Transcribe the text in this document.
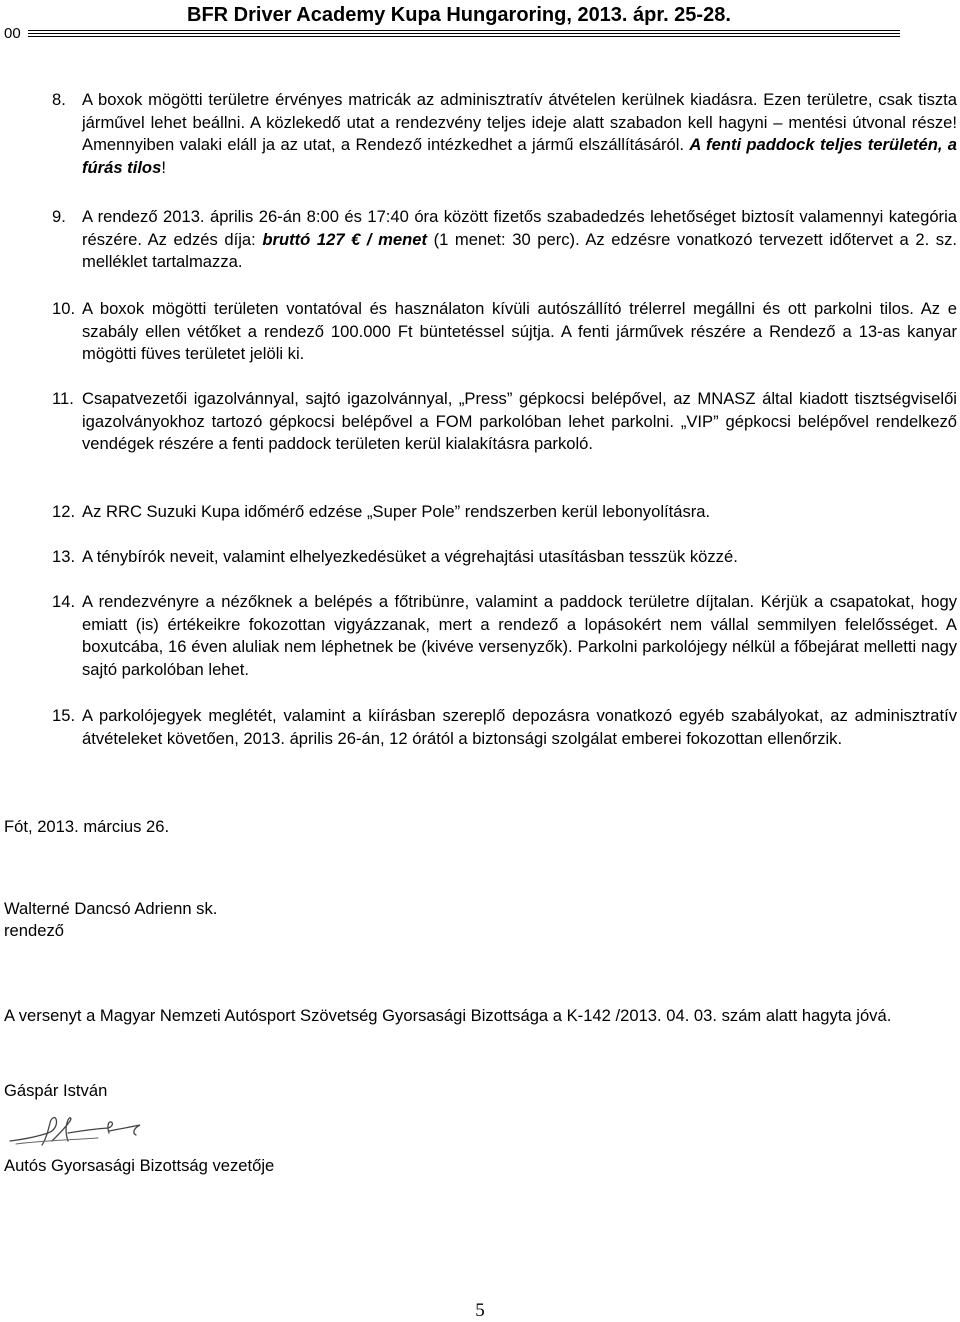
00
BFR Driver Academy Kupa Hungaroring, 2013. ápr. 25-28.
8. A boxok mögötti területre érvényes matricák az adminisztratív átvételen kerülnek kiadásra. Ezen területre, csak tiszta járművel lehet beállni. A közlekedő utat a rendezvény teljes ideje alatt szabadon kell hagyni – mentési útvonal része! Amennyiben valaki eláll ja az utat, a Rendező intézkedhet a jármű elszállításáról. A fenti paddock teljes területén, a fúrás tilos!
9. A rendező 2013. április 26-án 8:00 és 17:40 óra között fizetős szabadedzés lehetőséget biztosít valamennyi kategória részére. Az edzés díja: bruttó 127 € / menet (1 menet: 30 perc). Az edzésre vonatkozó tervezett időtervet a 2. sz. melléklet tartalmazza.
10. A boxok mögötti területen vontatóval és használaton kívüli autószállító trélerrel megállni és ott parkolni tilos. Az e szabály ellen vétőket a rendező 100.000 Ft büntetéssel sújtja. A fenti járművek részére a Rendező a 13-as kanyar mögötti füves területet jelöli ki.
11. Csapatvezetői igazolvánnyal, sajtó igazolvánnyal, „Press” gépkocsi belépővel, az MNASZ által kiadott tisztségviselői igazolványokhoz tartozó gépkocsi belépővel a FOM parkolóban lehet parkolni. „VIP” gépkocsi belépővel rendelkező vendégek részére a fenti paddock területen kerül kialakításra parkoló.
12. Az RRC Suzuki Kupa időmérő edzése „Super Pole” rendszerben kerül lebonyolításra.
13. A ténybírók neveit, valamint elhelyezkedésüket a végrehajtási utasításban tesszük közzé.
14. A rendezvényre a nézőknek a belépés a főtribünre, valamint a paddock területre díjtalan. Kérjük a csapatokat, hogy emiatt (is) értékeikre fokozottan vigyázzanak, mert a rendező a lopásokért nem vállal semmilyen felelősséget. A boxutcába, 16 éven aluliak nem léphetnek be (kivéve versenyzők). Parkolni parkolójegy nélkül a főbejárat melletti nagy sajtó parkolóban lehet.
15. A parkolójegyek meglétét, valamint a kiírásban szereplő depozásra vonatkozó egyéb szabályokat, az adminisztratív átvételeket követően, 2013. április 26-án, 12 órától a biztonsági szolgálat emberei fokozottan ellenőrzik.
Fót, 2013. március 26.
Walterné Dancsó Adrienn sk.
rendező
A versenyt a Magyar Nemzeti Autósport Szövetség Gyorsasági Bizottsága a K-142 /2013. 04. 03. szám alatt hagyta jóvá.
Gáspár István
Autós Gyorsasági Bizottság vezetője
5
